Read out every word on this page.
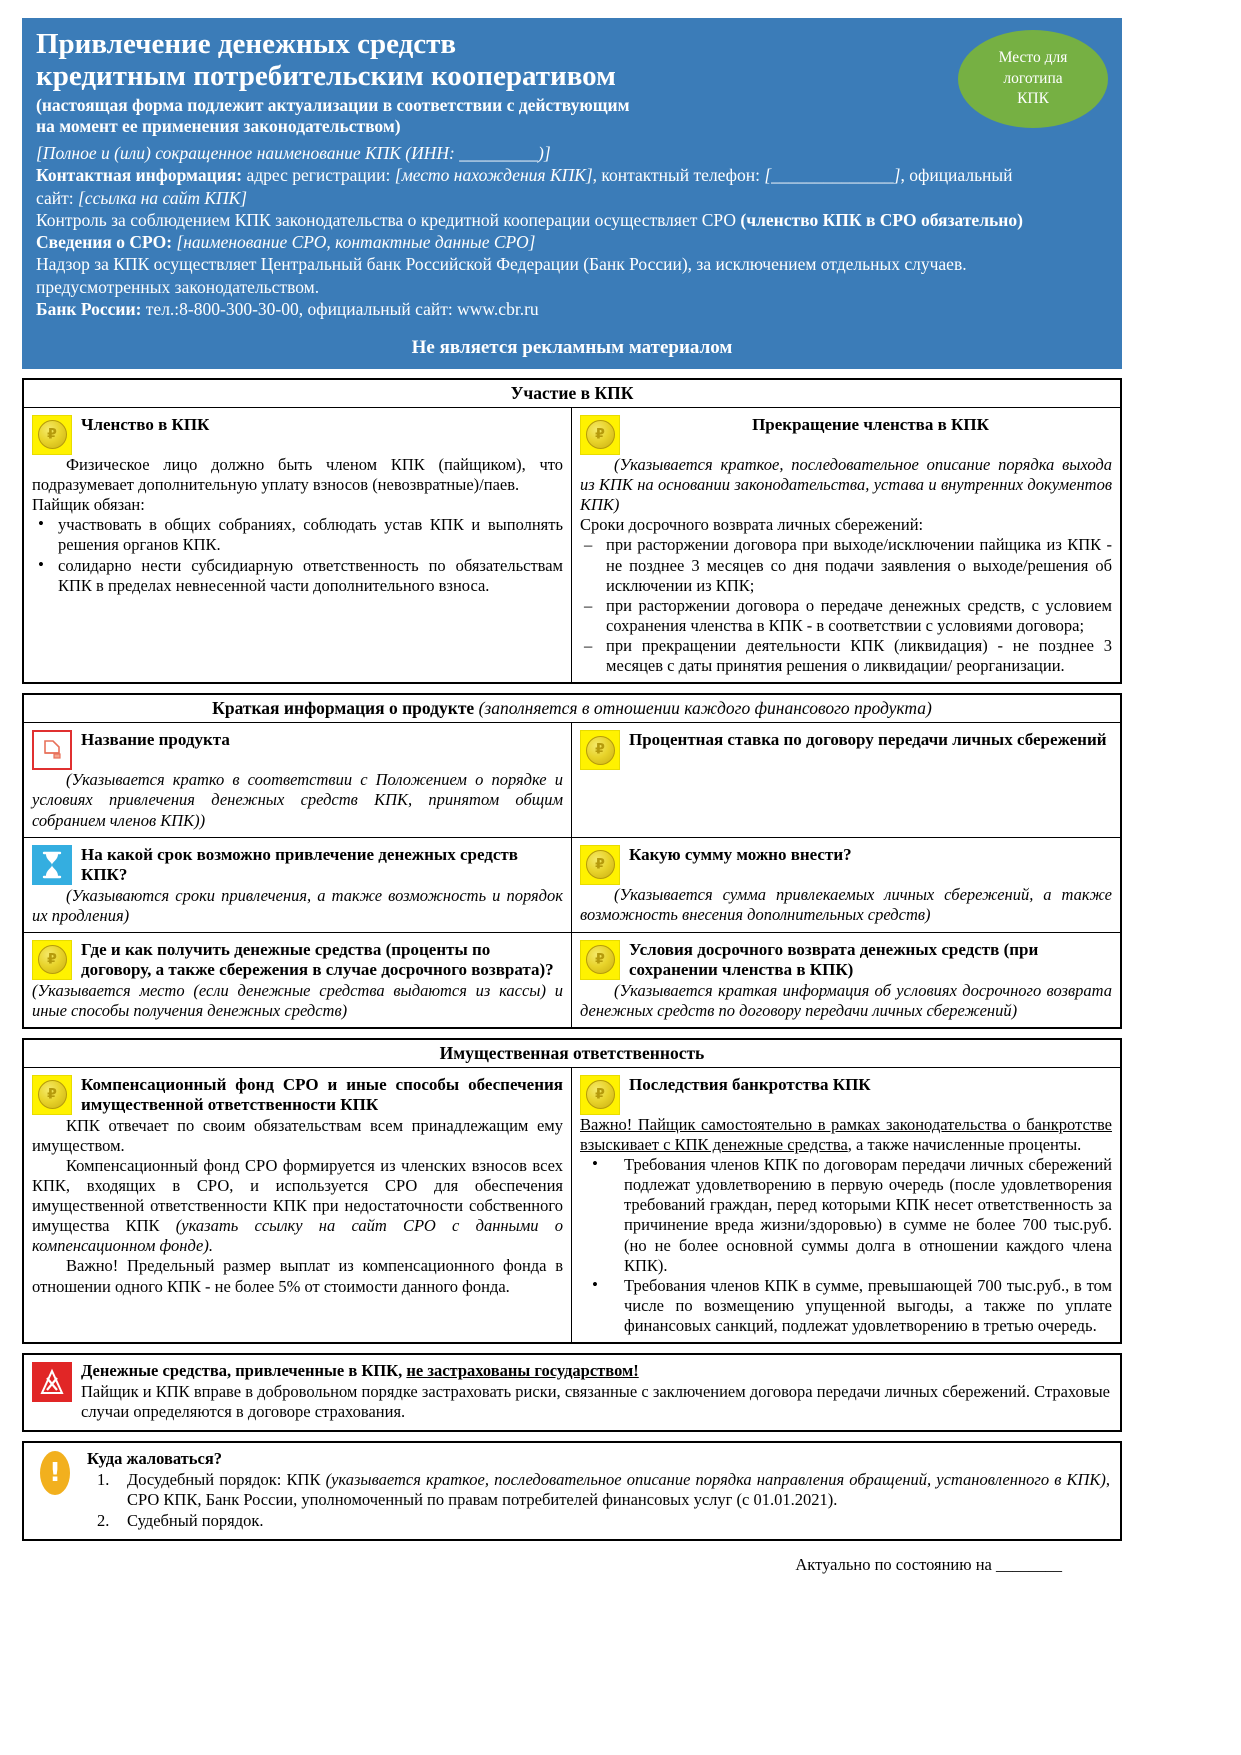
Место для
логотипа
КПК
Привлечение денежных средств
кредитным потребительским кооперативом
(настоящая форма подлежит актуализации в соответствии с действующим
на момент ее применения законодательством)
[Полное и (или) сокращенное наименование КПК (ИНН: _________)]
Контактная информация: адрес регистрации: [место нахождения КПК], контактный телефон: [______________], официальный
сайт: [ссылка на сайт КПК]
Контроль за соблюдением КПК законодательства о кредитной кооперации осуществляет СРО (членство КПК в СРО обязательно)
Сведения о СРО: [наименование СРО, контактные данные СРО]
Надзор за КПК осуществляет Центральный банк Российской Федерации (Банк России), за исключением отдельных случаев.
предусмотренных законодательством.
Банк России: тел.:8-800-300-30-00, официальный сайт: www.cbr.ru
Не является рекламным материалом
Участие в КПК
₽
Членство в КПК

Физическое лицо должно быть членом КПК (пайщиком), что подразумевает дополнительную уплату взносов (невозвратные)/паев.

Пайщик обязан:

• участвовать в общих собраниях, соблюдать устав КПК и выполнять решения органов КПК.
• солидарно нести субсидиарную ответственность по обязательствам КПК в пределах невнесенной части дополнительного взноса.
₽
Прекращение членства в КПК

(Указывается краткое, последовательное описание порядка выхода из КПК на основании законодательства, устава и внутренних документов КПК)

Сроки досрочного возврата личных сбережений:

– при расторжении договора при выходе/исключении пайщика из КПК - не позднее 3 месяцев со дня подачи заявления о выходе/решения об исключении из КПК;
– при расторжении договора о передаче денежных средств, с условием сохранения членства в КПК - в соответствии с условиями договора;
– при прекращении деятельности КПК (ликвидация) - не позднее 3 месяцев с даты принятия решения о ликвидации/ реорганизации.
Краткая информация о продукте (заполняется в отношении каждого финансового продукта)
Название продукта

(Указывается кратко в соответствии с Положением о порядке и условиях привлечения денежных средств КПК, принятом общим собранием членов КПК))

₽
Процентная ставка по договору передачи личных сбережений
На какой срок возможно привлечение денежных средств КПК?

(Указываются сроки привлечения, а также возможность и порядок их продления)

₽
Какую сумму можно внести?

(Указывается сумма привлекаемых личных сбережений, а также возможность внесения дополнительных средств)

₽
Где и как получить денежные средства (проценты по договору, а также сбережения в случае досрочного возврата)?

(Указывается место (если денежные средства выдаются из кассы) и иные способы получения денежных средств)

₽
Условия досрочного возврата денежных средств (при сохранении членства в КПК)

(Указывается краткая информация об условиях досрочного возврата денежных средств по договору передачи личных сбережений)

Имущественная ответственность
₽
Компенсационный фонд СРО и иные способы обеспечения имущественной ответственности КПК

КПК отвечает по своим обязательствам всем принадлежащим ему имуществом.

Компенсационный фонд СРО формируется из членских взносов всех КПК, входящих в СРО, и используется СРО для обеспечения имущественной ответственности КПК при недостаточности собственного имущества КПК (указать ссылку на сайт СРО с данными о компенсационном фонде).

Важно! Предельный размер выплат из компенсационного фонда в отношении одного КПК - не более 5% от стоимости данного фонда.

₽
Последствия банкротства КПК

Важно! Пайщик самостоятельно в рамках законодательства о банкротстве взыскивает с КПК денежные средства, а также начисленные проценты.

• Требования членов КПК по договорам передачи личных сбережений подлежат удовлетворению в первую очередь (после удовлетворения требований граждан, перед которыми КПК несет ответственность за причинение вреда жизни/здоровью) в сумме не более 700 тыс.руб. (но не более основной суммы долга в отношении каждого члена КПК).
• Требования членов КПК в сумме, превышающей 700 тыс.руб., в том числе по возмещению упущенной выгоды, а также по уплате финансовых санкций, подлежат удовлетворению в третью очередь.

Денежные средства, привлеченные в КПК, не застрахованы государством!

Пайщик и КПК вправе в добровольном порядке застраховать риски, связанные с заключением договора передачи личных сбережений. Страховые случаи определяются в договоре страхования.

! Куда жаловаться?

Досудебный порядок: КПК (указывается краткое, последовательное описание порядка направления обращений, установленного в КПК), СРО КПК, Банк России, уполномоченный по правам потребителей финансовых услуг (с 01.01.2021).
Судебный порядок.
Актуально по состоянию на ________
